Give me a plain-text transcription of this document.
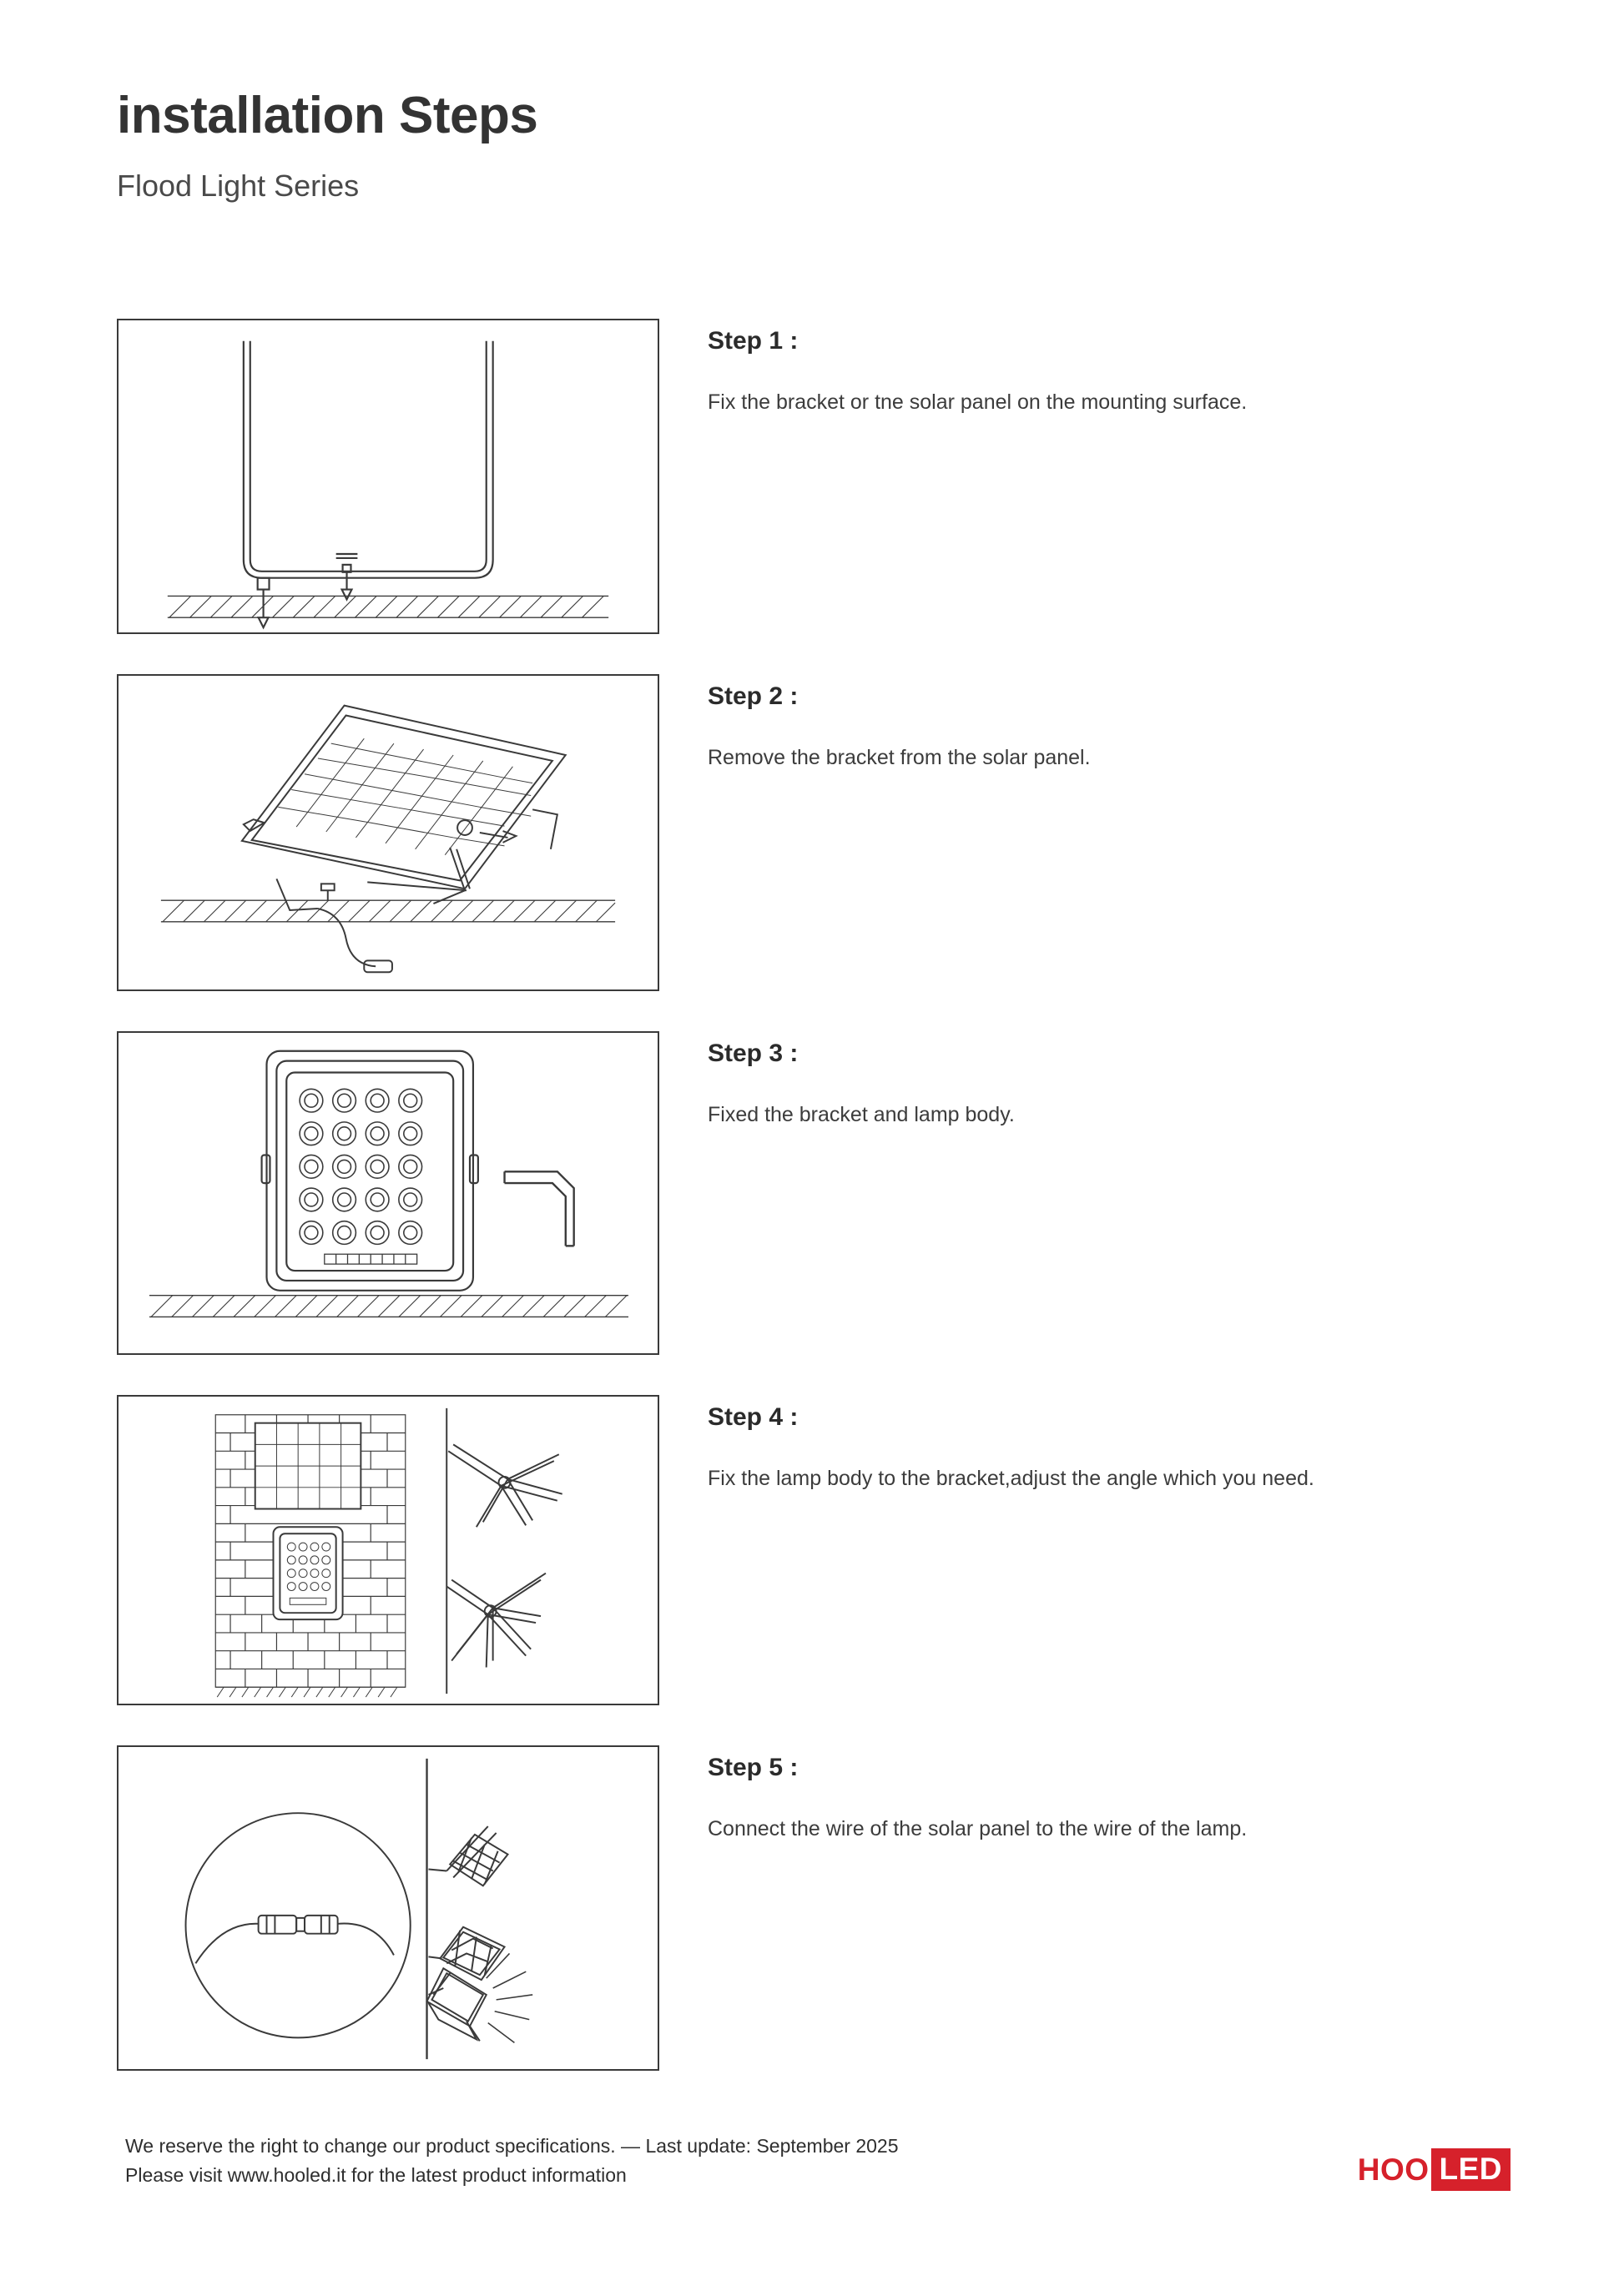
installation Steps
Flood Light Series
Step 1 :

Fix the bracket or tne solar panel on the mounting surface.

Step 2 :

Remove the bracket from the solar panel.

Step 3 :

Fixed the bracket and lamp body.

Step 4 :

Fix the lamp body to the bracket,adjust the angle which you need.

Step 5 :

Connect the wire of the solar panel to the wire of the lamp.

We reserve the right to change our product specifications. — Last update: September 2025
Please visit www.hooled.it for the latest product information	HOO LED
